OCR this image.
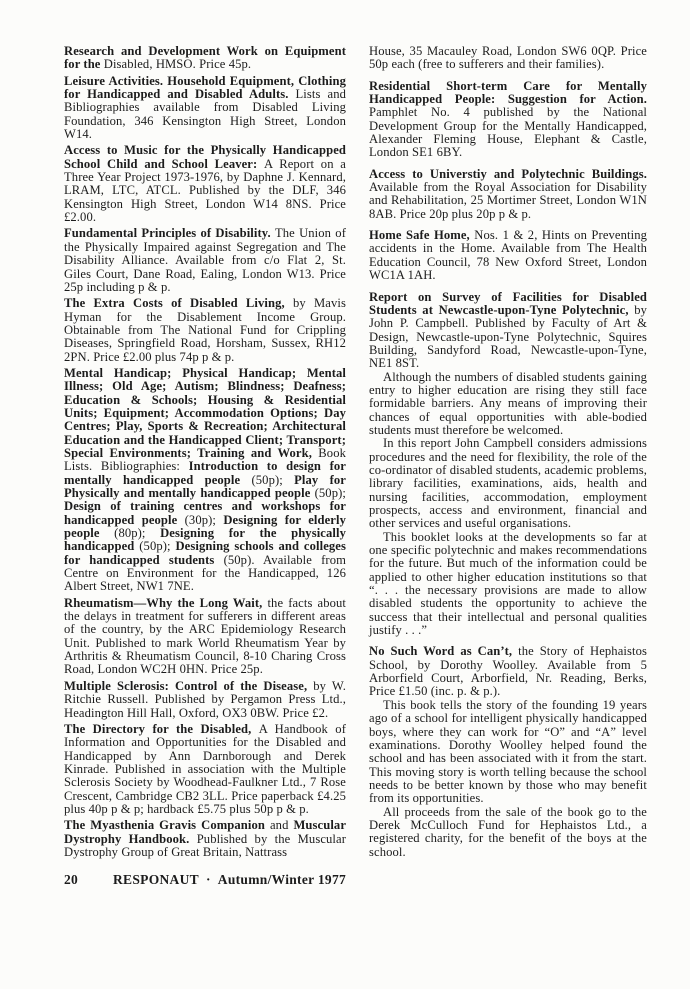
Research and Development Work on Equipment for the Disabled, HMSO. Price 45p.

Leisure Activities. Household Equipment, Clothing for Handicapped and Disabled Adults. Lists and Bibliographies available from Disabled Living Foundation, 346 Kensington High Street, London W14.

Access to Music for the Physically Handicapped School Child and School Leaver: A Report on a Three Year Project 1973-1976, by Daphne J. Kennard, LRAM, LTC, ATCL. Published by the DLF, 346 Kensington High Street, London W14 8NS. Price £2.00.

Fundamental Principles of Disability. The Union of the Physically Impaired against Segregation and The Disability Alliance. Available from c/o Flat 2, St. Giles Court, Dane Road, Ealing, London W13. Price 25p including p & p.

The Extra Costs of Disabled Living, by Mavis Hyman for the Disablement Income Group. Obtainable from The National Fund for Crippling Diseases, Springfield Road, Horsham, Sussex, RH12 2PN. Price £2.00 plus 74p p & p.

Mental Handicap; Physical Handicap; Mental Illness; Old Age; Autism; Blindness; Deafness; Education & Schools; Housing & Residential Units; Equipment; Accommodation Options; Day Centres; Play, Sports & Recreation; Architectural Education and the Handicapped Client; Transport; Special Environments; Training and Work, Book Lists. Bibliographies: Introduction to design for mentally handicapped people (50p); Play for Physically and mentally handicapped people (50p); Design of training centres and workshops for handicapped people (30p); Designing for elderly people (80p); Designing for the physically handicapped (50p); Designing schools and colleges for handicapped students (50p). Available from Centre on Environment for the Handicapped, 126 Albert Street, NW1 7NE.

Rheumatism—Why the Long Wait, the facts about the delays in treatment for sufferers in different areas of the country, by the ARC Epidemiology Research Unit. Published to mark World Rheumatism Year by Arthritis & Rheumatism Council, 8-10 Charing Cross Road, London WC2H 0HN. Price 25p.

Multiple Sclerosis: Control of the Disease, by W. Ritchie Russell. Published by Pergamon Press Ltd., Headington Hill Hall, Oxford, OX3 0BW. Price £2.

The Directory for the Disabled, A Handbook of Information and Opportunities for the Disabled and Handicapped by Ann Darnborough and Derek Kinrade. Published in association with the Multiple Sclerosis Society by Woodhead-Faulkner Ltd., 7 Rose Crescent, Cambridge CB2 3LL. Price paperback £4.25 plus 40p p & p; hardback £5.75 plus 50p p & p.

The Myasthenia Gravis Companion and Muscular Dystrophy Handbook. Published by the Muscular Dystrophy Group of Great Britain, Nattrass

House, 35 Macauley Road, London SW6 0QP. Price 50p each (free to sufferers and their families).

Residential Short-term Care for Mentally Handicapped People: Suggestion for Action. Pamphlet No. 4 published by the National Development Group for the Mentally Handicapped, Alexander Fleming House, Elephant & Castle, London SE1 6BY.

Access to Universtiy and Polytechnic Buildings. Available from the Royal Association for Disability and Rehabilitation, 25 Mortimer Street, London W1N 8AB. Price 20p plus 20p p & p.

Home Safe Home, Nos. 1 & 2, Hints on Preventing accidents in the Home. Available from The Health Education Council, 78 New Oxford Street, London WC1A 1AH.

Report on Survey of Facilities for Disabled Students at Newcastle-upon-Tyne Polytechnic, by John P. Campbell. Published by Faculty of Art & Design, Newcastle-upon-Tyne Polytechnic, Squires Building, Sandyford Road, Newcastle-upon-Tyne, NE1 8ST.

Although the numbers of disabled students gaining entry to higher education are rising they still face formidable barriers. Any means of improving their chances of equal opportunities with able-bodied students must therefore be welcomed.

In this report John Campbell considers admissions procedures and the need for flexibility, the role of the co-ordinator of disabled students, academic problems, library facilities, examinations, aids, health and nursing facilities, accommodation, employment prospects, access and environment, financial and other services and useful organisations.

This booklet looks at the developments so far at one specific polytechnic and makes recommendations for the future. But much of the information could be applied to other higher education institutions so that “. . . the necessary provisions are made to allow disabled students the opportunity to achieve the success that their intellectual and personal qualities justify . . .”

No Such Word as Can’t, the Story of Hephaistos School, by Dorothy Woolley. Available from 5 Arborfield Court, Arborfield, Nr. Reading, Berks, Price £1.50 (inc. p. & p.).

This book tells the story of the founding 19 years ago of a school for intelligent physically handicapped boys, where they can work for “O” and “A” level examinations. Dorothy Woolley helped found the school and has been associated with it from the start. This moving story is worth telling because the school needs to be better known by those who may benefit from its opportunities.

All proceeds from the sale of the book go to the Derek McCulloch Fund for Hephaistos Ltd., a registered charity, for the benefit of the boys at the school.

20	RESPONAUT · Autumn/Winter 1977
